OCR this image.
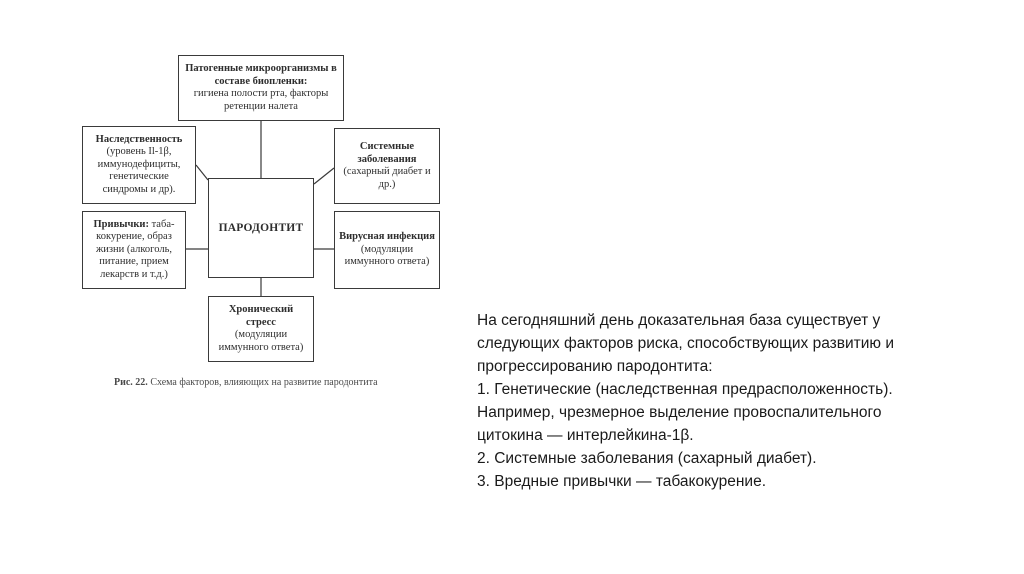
Патогенные микроорганизмы в составе биопленки:
гигиена полости рта, факторы ретенции налета
Наследственность
(уровень Il-1β, иммунодефициты, генетические синдромы и др).
Системные заболевания
(сахарный диабет и др.)
ПАРОДОНТИТ
Привычки: таба-кокурение, образ жизни (алкоголь, питание, прием лекарств и т.д.)
Вирусная инфекция
(модуляции иммунного ответа)
Хронический стресс
(модуляции иммунного ответа)
Рис. 22. Схема факторов, влияющих на развитие пародонтита

На сегодняшний день доказательная база существует у

следующих факторов риска, способствующих развитию и

прогрессированию пародонтита:

1. Генетические (наследственная предрасположенность).

Например, чрезмерное выделение провоспалительного

цитокина — интерлейкина-1β.

2. Системные заболевания (сахарный диабет).

3. Вредные привычки — табакокурение.
